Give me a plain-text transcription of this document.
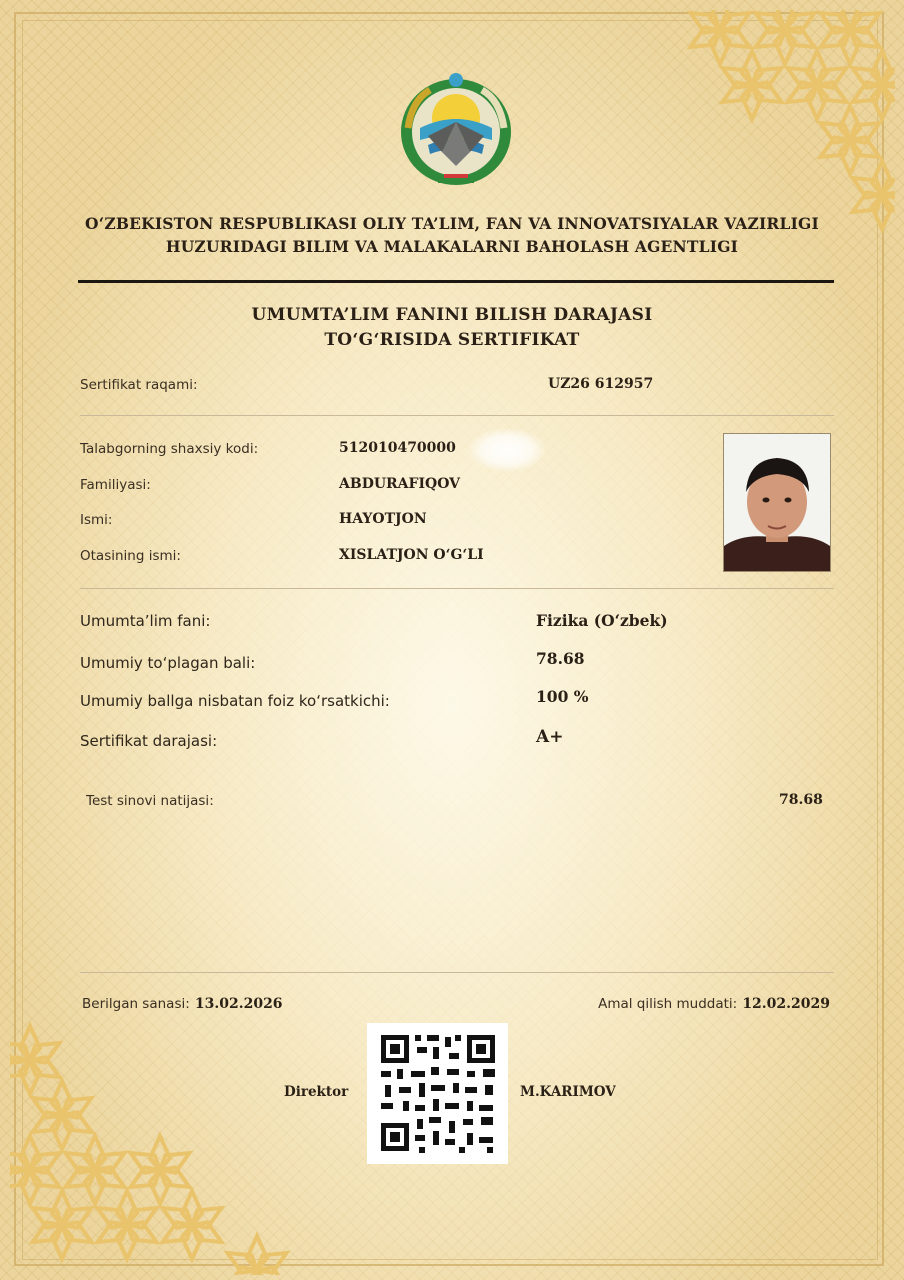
O‘ZBEKISTON RESPUBLIKASI OLIY TA’LIM, FAN VA INNOVATSIYALAR VAZIRLIGI
HUZURIDAGI BILIM VA MALAKALARNI BAHOLASH AGENTLIGI
UMUMTA’LIM FANINI BILISH DARAJASI
TO‘G‘RISIDA SERTIFIKAT
Sertifikat raqami:	UZ26 612957
Talabgorning shaxsiy kodi:	512010470000
Familiyasi:	ABDURAFIQOV
Ismi:	HAYOTJON
Otasining ismi:	XISLATJON O‘G‘LI
Umumta’lim fani:	Fizika (O‘zbek)
Umumiy to‘plagan bali:	78.68
Umumiy ballga nisbatan foiz ko‘rsatkichi:	100 %
Sertifikat darajasi:	A+
Test sinovi natijasi:	78.68
Berilgan sanasi: 13.02.2026	Amal qilish muddati: 12.02.2029
Direktor	M.KARIMOV
